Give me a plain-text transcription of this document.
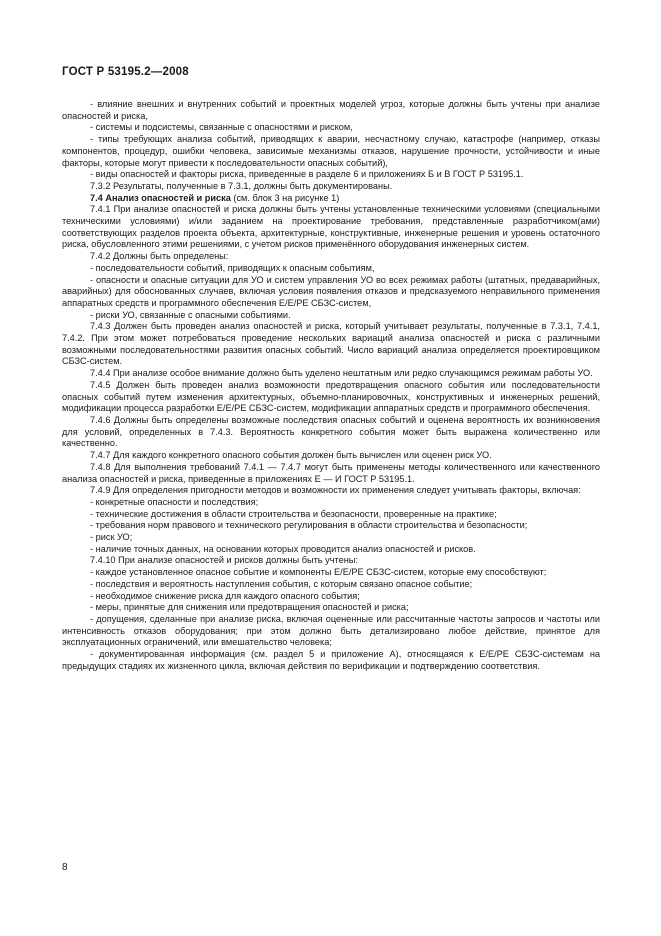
ГОСТ Р 53195.2—2008

- влияние внешних и внутренних событий и проектных моделей угроз, которые должны быть учтены при анализе опасностей и риска,

- системы и подсистемы, связанные с опасностями и риском,

- типы требующих анализа событий, приводящих к аварии, несчастному случаю, катастрофе (например, отказы компонентов, процедур, ошибки человека, зависимые механизмы отказов, нарушение прочности, устойчивости и иные факторы, которые могут привести к последовательности опасных событий),

- виды опасностей и факторы риска, приведенные в разделе 6 и приложениях Б и В ГОСТ Р 53195.1.

7.3.2 Результаты, полученные в 7.3.1, должны быть документированы.

7.4 Анализ опасностей и риска (см. блок 3 на рисунке 1)

7.4.1 При анализе опасностей и риска должны быть учтены установленные техническими условиями (специальными техническими условиями) и/или заданием на проектирование требования, представленные разработчиком(ами) соответствующих разделов проекта объекта, архитектурные, конструктивные, инженерные решения и уровень остаточного риска, обусловленного этими решениями, с учетом рисков применённого оборудования инженерных систем.

7.4.2 Должны быть определены:

- последовательности событий, приводящих к опасным событиям,

- опасности и опасные ситуации для УО и систем управления УО во всех режимах работы (штатных, предаварийных, аварийных) для обоснованных случаев, включая условия появления отказов и предсказуемого неправильного применения аппаратных средств и программного обеспечения Е/Е/РЕ СБЗС-систем,

- риски УО, связанные с опасными событиями.

7.4.3 Должен быть проведен анализ опасностей и риска, который учитывает результаты, полученные в 7.3.1, 7.4.1, 7.4.2. При этом может потребоваться проведение нескольких вариаций анализа опасностей и риска с различными возможными последовательностями развития опасных событий. Число вариаций анализа определяется проектировщиком СБЗС-систем.

7.4.4 При анализе особое внимание должно быть уделено нештатным или редко случающимся режимам работы УО.

7.4.5 Должен быть проведен анализ возможности предотвращения опасного события или последовательности опасных событий путем изменения архитектурных, объемно-планировочных, конструктивных и инженерных решений, модификации процесса разработки Е/Е/РЕ СБЗС-систем, модификации аппаратных средств и программного обеспечения.

7.4.6 Должны быть определены возможные последствия опасных событий и оценена вероятность их возникновения для условий, определенных в 7.4.3. Вероятность конкретного события может быть выражена количественно или качественно.

7.4.7 Для каждого конкретного опасного события должен быть вычислен или оценен риск УО.

7.4.8 Для выполнения требований 7.4.1 — 7.4.7 могут быть применены методы количественного или качественного анализа опасностей и риска, приведенные в приложениях Е — И ГОСТ Р 53195.1.

7.4.9 Для определения пригодности методов и возможности их применения следует учитывать факторы, включая:

- конкретные опасности и последствия;

- технические достижения в области строительства и безопасности, проверенные на практике;

- требования норм правового и технического регулирования в области строительства и безопасности;

- риск УО;

- наличие точных данных, на основании которых проводится анализ опасностей и рисков.

7.4.10 При анализе опасностей и рисков должны быть учтены:

- каждое установленное опасное событие и компоненты Е/Е/РЕ СБЗС-систем, которые ему способствуют;

- последствия и вероятность наступления события, с которым связано опасное событие;

- необходимое снижение риска для каждого опасного события;

- меры, принятые для снижения или предотвращения опасностей и риска;

- допущения, сделанные при анализе риска, включая оцененные или рассчитанные частоты запросов и частоты или интенсивность отказов оборудования; при этом должно быть детализировано любое действие, принятое для эксплуатационных ограничений, или вмешательство человека;

- документированная информация (см. раздел 5 и приложение А), относящаяся к Е/Е/РЕ СБЗС-системам на предыдущих стадиях их жизненного цикла, включая действия по верификации и подтверждению соответствия.

8
